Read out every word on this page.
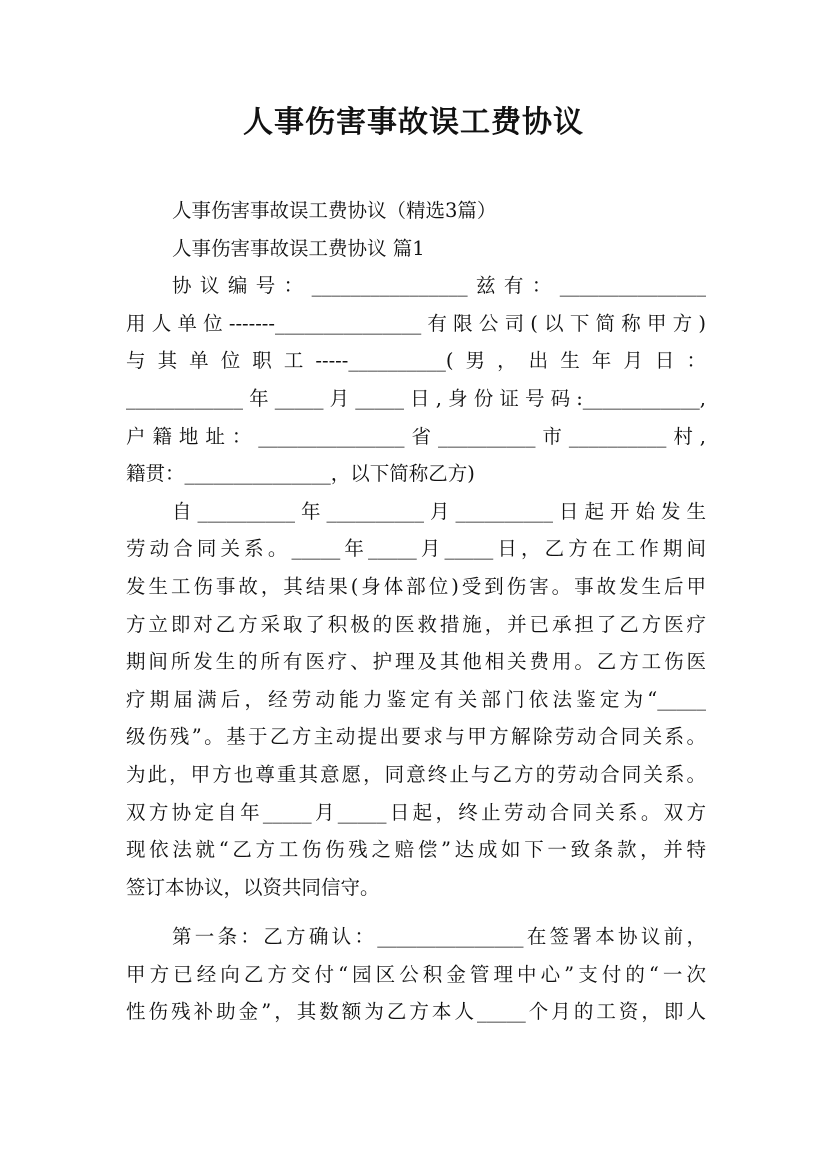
人事伤害事故误工费协议
人事伤害事故误工费协议（精选3篇）
人事伤害事故误工费协议 篇1
协议编号：________________兹有：_______________
用人单位-------_______________有限公司(以下简称甲方)
与其单位职工-----__________(男，出生年月日：
____________年_____月_____日,身份证号码:____________,
户籍地址：_______________省__________市__________村,
籍贯：_______________，以下简称乙方)
自__________年__________月__________日起开始发生
劳动合同关系。_____年_____月_____日，乙方在工作期间
发生工伤事故，其结果(身体部位)受到伤害。事故发生后甲
方立即对乙方采取了积极的医救措施，并已承担了乙方医疗
期间所发生的所有医疗、护理及其他相关费用。乙方工伤医
疗期届满后，经劳动能力鉴定有关部门依法鉴定为“_____
级伤残”。基于乙方主动提出要求与甲方解除劳动合同关系。
为此，甲方也尊重其意愿，同意终止与乙方的劳动合同关系。
双方协定自年_____月_____日起，终止劳动合同关系。双方
现依法就“乙方工伤伤残之赔偿”达成如下一致条款，并特
签订本协议，以资共同信守。
第一条：乙方确认：_______________在签署本协议前，
甲方已经向乙方交付“园区公积金管理中心”支付的“一次
性伤残补助金”，其数额为乙方本人_____个月的工资，即人
